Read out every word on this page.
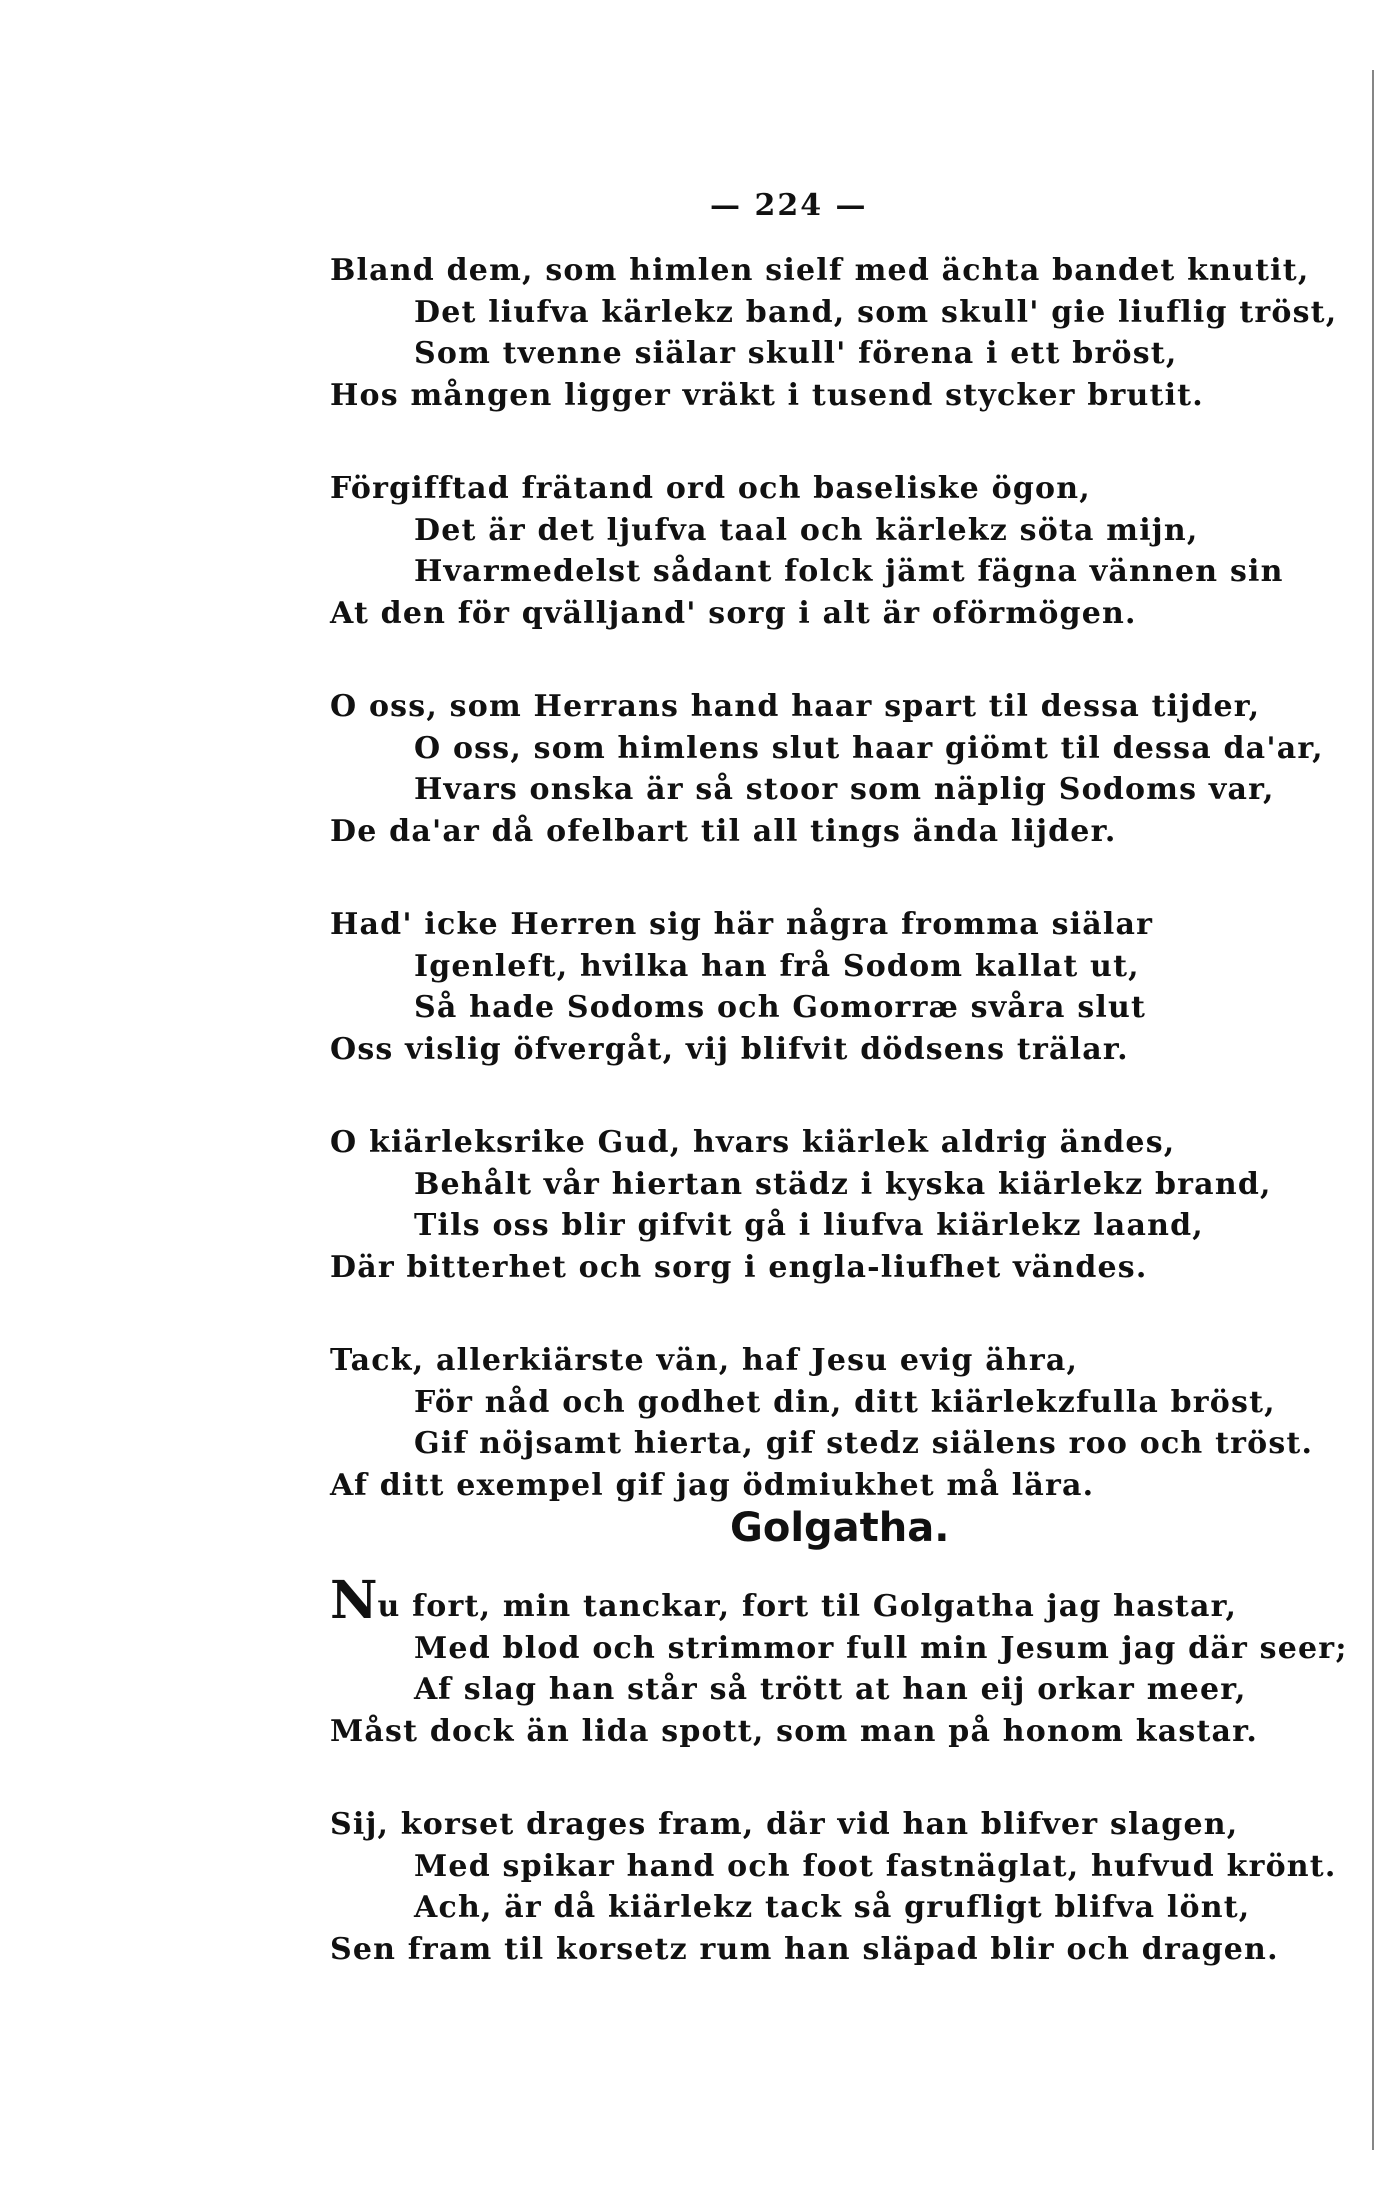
— 224 —
Bland dem, som himlen sielf med ächta bandet knutit,
Det liufva kärlekz band, som skull' gie liuflig tröst,
Som tvenne siälar skull' förena i ett bröst,
Hos mången ligger vräkt i tusend stycker brutit.
Förgifftad frätand ord och baseliske ögon,
Det är det ljufva taal och kärlekz söta mijn,
Hvarmedelst sådant folck jämt fägna vännen sin
At den för qvälljand' sorg i alt är oförmögen.
O oss, som Herrans hand haar spart til dessa tijder,
O oss, som himlens slut haar giömt til dessa da'ar,
Hvars onska är så stoor som näplig Sodoms var,
De da'ar då ofelbart til all tings ända lijder.
Had' icke Herren sig här några fromma siälar
Igenleft, hvilka han frå Sodom kallat ut,
Så hade Sodoms och Gomorræ svåra slut
Oss vislig öfvergåt, vij blifvit dödsens trälar.
O kiärleksrike Gud, hvars kiärlek aldrig ändes,
Behålt vår hiertan städz i kyska kiärlekz brand,
Tils oss blir gifvit gå i liufva kiärlekz laand,
Där bitterhet och sorg i engla-liufhet vändes.
Tack, allerkiärste vän, haf Jesu evig ähra,
För nåd och godhet din, ditt kiärlekzfulla bröst,
Gif nöjsamt hierta, gif stedz siälens roo och tröst.
Af ditt exempel gif jag ödmiukhet må lära.
Golgatha.
Nu fort, min tanckar, fort til Golgatha jag hastar,
Med blod och strimmor full min Jesum jag där seer;
Af slag han står så trött at han eij orkar meer,
Måst dock än lida spott, som man på honom kastar.
Sij, korset drages fram, där vid han blifver slagen,
Med spikar hand och foot fastnäglat, hufvud krönt.
Ach, är då kiärlekz tack så grufligt blifva lönt,
Sen fram til korsetz rum han släpad blir och dragen.
